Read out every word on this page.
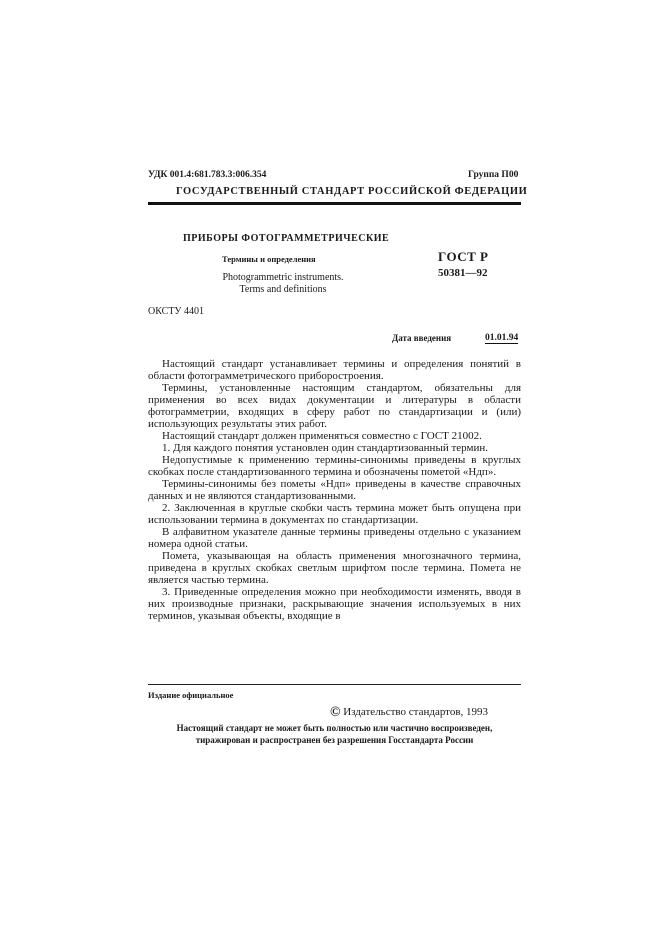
УДК 001.4:681.783.3:006.354	Группа П00
ГОСУДАРСТВЕННЫЙ СТАНДАРТ РОССИЙСКОЙ ФЕДЕРАЦИИ
ПРИБОРЫ ФОТОГРАММЕТРИЧЕСКИЕ
Термины и определения
Photogrammetric instruments.
Terms and definitions
ГОСТ Р
50381—92
ОКСТУ 4401
Дата введения	01.01.94

Настоящий стандарт устанавливает термины и определения понятий в области фотограмметрического приборостроения.

Термины, установленные настоящим стандартом, обязательны для применения во всех видах документации и литературы в области фотограмметрии, входящих в сферу работ по стандартизации и (или) использующих результаты этих работ.

Настоящий стандарт должен применяться совместно с ГОСТ 21002.

1. Для каждого понятия установлен один стандартизованный термин.

Недопустимые к применению термины-синонимы приведены в круглых скобках после стандартизованного термина и обозначены пометой «Ндп».

Термины-синонимы без пометы «Ндп» приведены в качестве справочных данных и не являются стандартизованными.

2. Заключенная в круглые скобки часть термина может быть опущена при использовании термина в документах по стандартизации.

В алфавитном указателе данные термины приведены отдельно с указанием номера одной статьи.

Помета, указывающая на область применения многозначного термина, приведена в круглых скобках светлым шрифтом после термина. Помета не является частью термина.

3. Приведенные определения можно при необходимости изменять, вводя в них производные признаки, раскрывающие значения используемых в них терминов, указывая объекты, входящие в

Издание официальное
© Издательство стандартов, 1993

Настоящий стандарт не может быть полностью или частично воспроизведен,

тиражирован и распространен без разрешения Госстандарта России
